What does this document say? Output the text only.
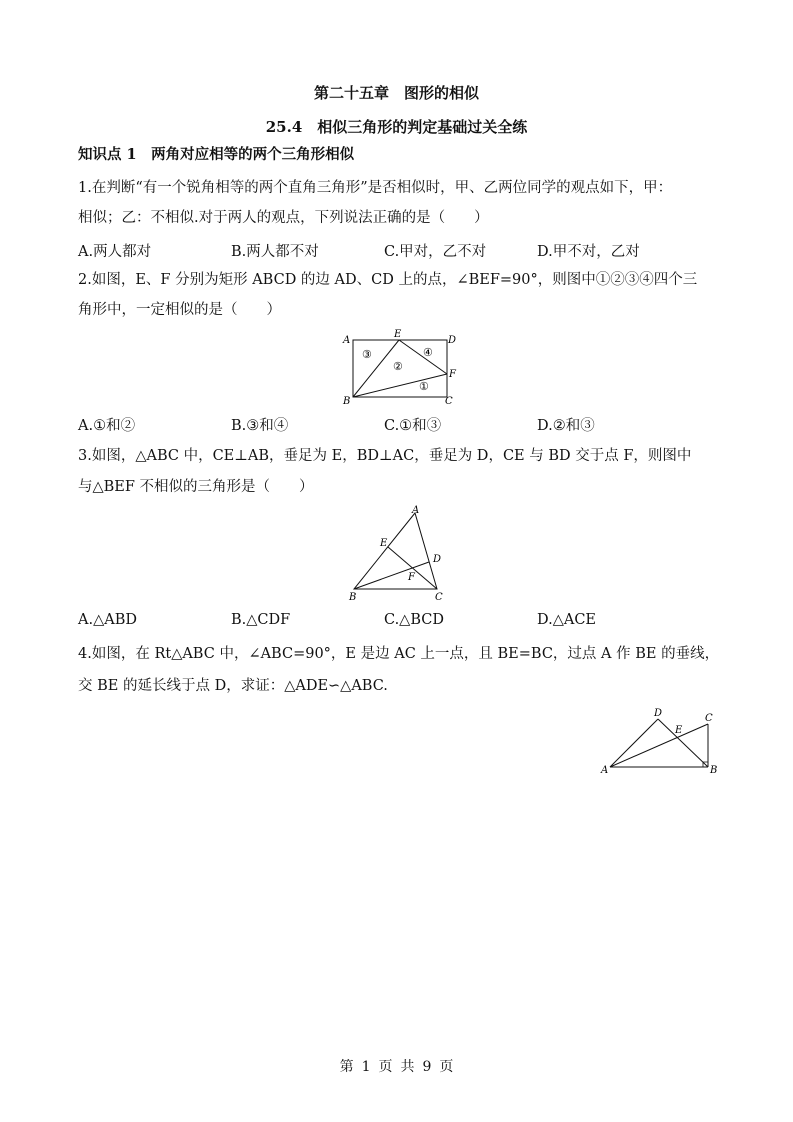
第二十五章　图形的相似
25.4　相似三角形的判定基础过关全练
知识点 1　两角对应相等的两个三角形相似
1.在判断“有一个锐角相等的两个直角三角形”是否相似时，甲、乙两位同学的观点如下，甲：
相似；乙：不相似.对于两人的观点，下列说法正确的是（　　）
A.两人都对	B.两人都不对	C.甲对，乙不对	D.甲不对，乙对
2.如图，E、F 分别为矩形 ABCD 的边 AD、CD 上的点，∠BEF=90°，则图中①②③④四个三
角形中，一定相似的是（　　）
A
E
D
F
B	C
③
②
④
①
A.①和②	B.③和④	C.①和③	D.②和③
3.如图，△ABC 中，CE⊥AB，垂足为 E，BD⊥AC，垂足为 D，CE 与 BD 交于点 F，则图中
与△BEF 不相似的三角形是（　　）
A
E
D
F
B	C
A.△ABD	B.△CDF	C.△BCD	D.△ACE
4.如图，在 Rt△ABC 中，∠ABC=90°，E 是边 AC 上一点，且 BE=BC，过点 A 作 BE 的垂线，
交 BE 的延长线于点 D，求证：△ADE∽△ABC.
D
E
C
A	B
第 1 页 共 9 页
